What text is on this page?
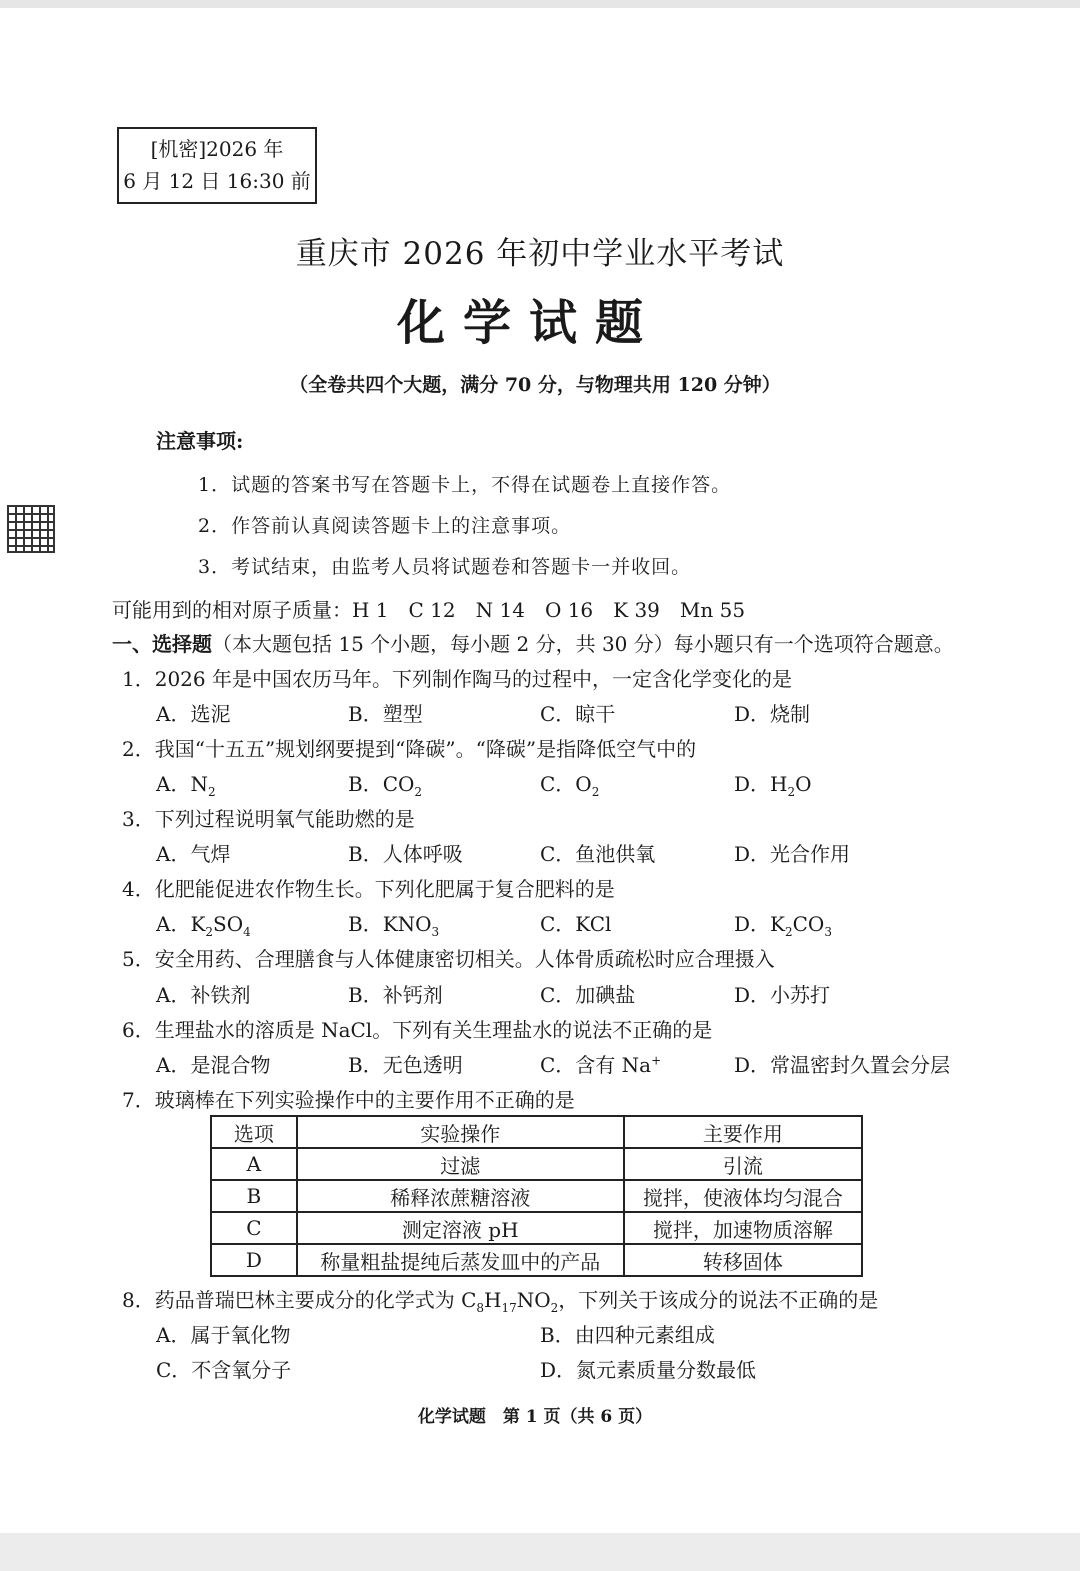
[机密]2026 年
6 月 12 日 16:30 前
重庆市 2026 年初中学业水平考试
化学试题
（全卷共四个大题，满分 70 分，与物理共用 120 分钟）
注意事项:
1．试题的答案书写在答题卡上，不得在试题卷上直接作答。
2．作答前认真阅读答题卡上的注意事项。
3．考试结束，由监考人员将试题卷和答题卡一并收回。
可能用到的相对原子质量：H 1　C 12　N 14　O 16　K 39　Mn 55
一、选择题（本大题包括 15 个小题，每小题 2 分，共 30 分）每小题只有一个选项符合题意。
1．2026 年是中国农历马年。下列制作陶马的过程中，一定含化学变化的是
A．选泥	B．塑型	C．晾干	D．烧制
2．我国“十五五”规划纲要提到“降碳”。“降碳”是指降低空气中的
A．$N_2$	B．$CO_2$	C．$O_2$	D．$H_2O$
3．下列过程说明氧气能助燃的是
A．气焊	B．人体呼吸	C．鱼池供氧	D．光合作用
4．化肥能促进农作物生长。下列化肥属于复合肥料的是
A．$K_2SO_4$	B．$KNO_3$	C．KCl	D．$K_2CO_3$
5．安全用药、合理膳食与人体健康密切相关。人体骨质疏松时应合理摄入
A．补铁剂	B．补钙剂	C．加碘盐	D．小苏打
6．生理盐水的溶质是 NaCl。下列有关生理盐水的说法不正确的是
A．是混合物	B．无色透明	C．含有 Na+	D．常温密封久置会分层
7．玻璃棒在下列实验操作中的主要作用不正确的是
选项	实验操作	主要作用
A	过滤	引流
B	稀释浓蔗糖溶液	搅拌，使液体均匀混合
C	测定溶液 pH	搅拌，加速物质溶解
D	称量粗盐提纯后蒸发皿中的产品	转移固体
8．药品普瑞巴林主要成分的化学式为 $C_8H_{17}NO_2$，下列关于该成分的说法不正确的是
A．属于氧化物	B．由四种元素组成
C．不含氧分子	D．氮元素质量分数最低
化学试题　第 1 页（共 6 页）
